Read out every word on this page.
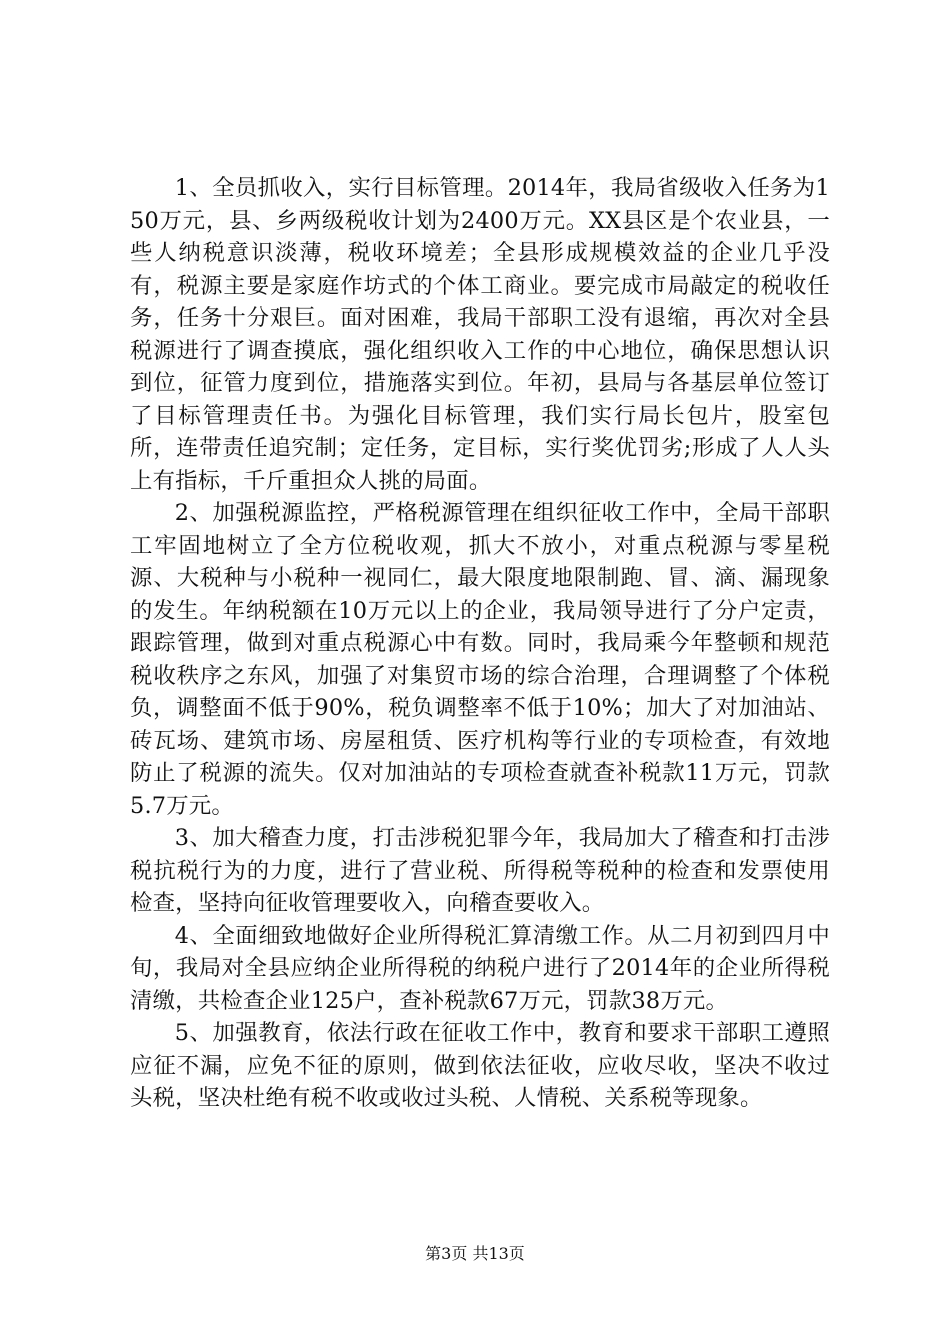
1、全员抓收入，实行目标管理。2014年，我局省级收入任务为150万元，县、乡两级税收计划为2400万元。XX县区是个农业县，一些人纳税意识淡薄，税收环境差；全县形成规模效益的企业几乎没有，税源主要是家庭作坊式的个体工商业。要完成市局敲定的税收任务，任务十分艰巨。面对困难，我局干部职工没有退缩，再次对全县税源进行了调查摸底，强化组织收入工作的中心地位，确保思想认识到位，征管力度到位，措施落实到位。年初，县局与各基层单位签订了目标管理责任书。为强化目标管理，我们实行局长包片，股室包所，连带责任追究制；定任务，定目标，实行奖优罚劣;形成了人人头上有指标，千斤重担众人挑的局面。

2、加强税源监控，严格税源管理在组织征收工作中，全局干部职工牢固地树立了全方位税收观，抓大不放小，对重点税源与零星税源、大税种与小税种一视同仁，最大限度地限制跑、冒、滴、漏现象的发生。年纳税额在10万元以上的企业，我局领导进行了分户定责，跟踪管理，做到对重点税源心中有数。同时，我局乘今年整顿和规范税收秩序之东风，加强了对集贸市场的综合治理，合理调整了个体税负，调整面不低于90%，税负调整率不低于10%；加大了对加油站、砖瓦场、建筑市场、房屋租赁、医疗机构等行业的专项检查，有效地防止了税源的流失。仅对加油站的专项检查就查补税款11万元，罚款5.7万元。

3、加大稽查力度，打击涉税犯罪今年，我局加大了稽查和打击涉税抗税行为的力度，进行了营业税、所得税等税种的检查和发票使用检查，坚持向征收管理要收入，向稽查要收入。

4、全面细致地做好企业所得税汇算清缴工作。从二月初到四月中旬，我局对全县应纳企业所得税的纳税户进行了2014年的企业所得税清缴，共检查企业125户，查补税款67万元，罚款38万元。

5、加强教育，依法行政在征收工作中，教育和要求干部职工遵照应征不漏，应免不征的原则，做到依法征收，应收尽收，坚决不收过头税，坚决杜绝有税不收或收过头税、人情税、关系税等现象。

第3页 共13页
